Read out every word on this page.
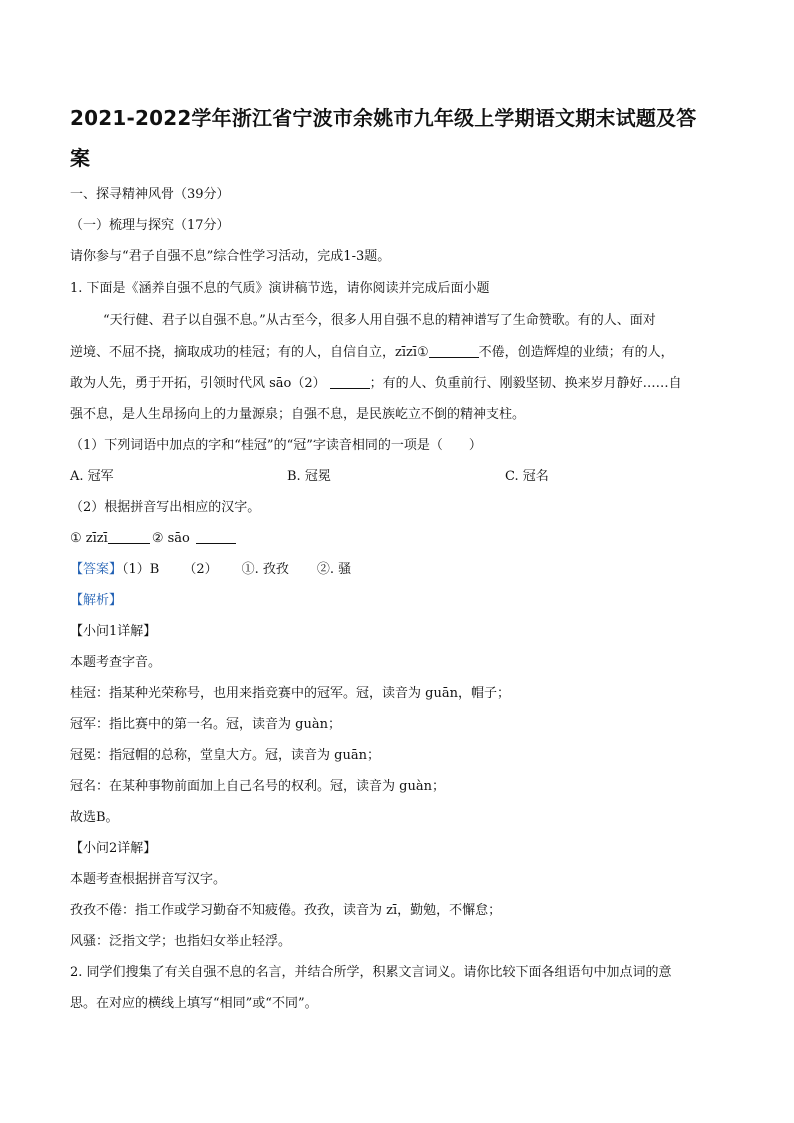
2021-2022学年浙江省宁波市余姚市九年级上学期语文期末试题及答
案
一、探寻精神风骨（39分）
（一）梳理与探究（17分）
请你参与“君子自强不息”综合性学习活动，完成1-3题。
1. 下面是《涵养自强不息的气质》演讲稿节选，请你阅读并完成后面小题
“天行健、君子以自强不息。”从古至今，很多人用自强不息的精神谱写了生命赞歌。有的人、面对
逆境、不屈不挠，摘取成功的桂冠；有的人，自信自立，zīzī①	不倦，创造辉煌的业绩；有的人，
敢为人先，勇于开拓，引领时代风 sāo（2）	；有的人、负重前行、刚毅坚韧、换来岁月静好……自
强不息，是人生昂扬向上的力量源泉；自强不息，是民族屹立不倒的精神支柱。
（1）下列词语中加点的字和“桂冠”的“冠”字读音相同的一项是（　　）
A. 冠军	B. 冠冕	C. 冠名
（2）根据拼音写出相应的汉字。
① zīzī	② sāo
【答案】（1）B （2） ①. 孜孜 ②. 骚
【解析】
【小问1详解】
本题考查字音。
桂冠：指某种光荣称号，也用来指竞赛中的冠军。冠，读音为 guān，帽子；
冠军：指比赛中的第一名。冠，读音为 guàn；
冠冕：指冠帽的总称，堂皇大方。冠，读音为 guān；
冠名：在某种事物前面加上自己名号的权利。冠，读音为 guàn；
故选B。
【小问2详解】
本题考查根据拼音写汉字。
孜孜不倦：指工作或学习勤奋不知疲倦。孜孜，读音为 zī，勤勉，不懈怠；
风骚：泛指文学；也指妇女举止轻浮。
2. 同学们搜集了有关自强不息的名言，并结合所学，积累文言词义。请你比较下面各组语句中加点词的意
思。在对应的横线上填写“相同”或“不同”。
